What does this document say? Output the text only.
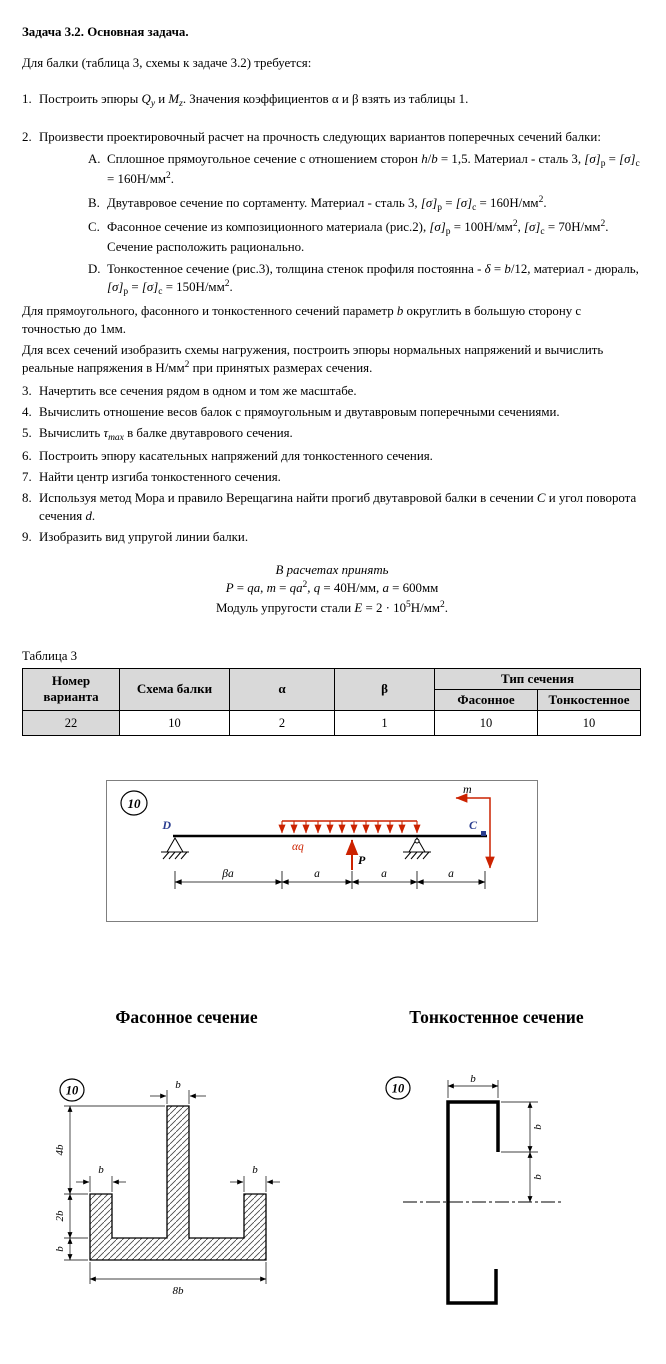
Задача 3.2. Основная задача.

Для балки (таблица 3, схемы к задаче 3.2) требуется:

1. Построить эпюры $Q_y$ и $M_z$. Значения коэффициентов α и β взять из таблицы 1.
2. Произвести проектировочный расчет на прочность следующих вариантов поперечных сечений балки:
A. Сплошное прямоугольное сечение с отношением сторон h/b = 1,5. Материал - сталь 3, $[\sigma]_р = [\sigma]_с = 160Н/мм^2$.
B. Двутавровое сечение по сортаменту. Материал - сталь 3, $[\sigma]_р = [\sigma]_с = 160Н/мм^2$.
C. Фасонное сечение из композиционного материала (рис.2), $[\sigma]_р = 100Н/мм^2$, $[\sigma]_с = 70Н/мм^2$. Сечение расположить рационально.
D. Тонкостенное сечение (рис.3), толщина стенок профиля постоянна - δ = b/12, материал - дюраль, $[\sigma]_р = [\sigma]_с = 150Н/мм^2$.
Для прямоугольного, фасонного и тонкостенного сечений параметр b округлить в большую сторону с точностью до 1мм.
Для всех сечений изобразить схемы нагружения, построить эпюры нормальных напряжений и вычислить реальные напряжения в $Н/мм^2$ при принятых размерах сечения.
3. Начертить все сечения рядом в одном и том же масштабе.
4. Вычислить отношение весов балок с прямоугольным и двутавровым поперечными сечениями.
5. Вычислить $\tau_{max}$ в балке двутаврового сечения.
6. Построить эпюру касательных напряжений для тонкостенного сечения.
7. Найти центр изгиба тонкостенного сечения.
8. Используя метод Мора и правило Верещагина найти прогиб двутавровой балки в сечении C и угол поворота сечения d.
9. Изобразить вид упругой линии балки.
В расчетах принять
P = qa, $m = qa^2$, q = 40Н/мм, a = 600мм
Модуль упругости стали $E = 2 \cdot 10^5Н/мм^2$.
Таблица 3
Номер варианта	Схема балки	α	β	Тип сечения	
				Фасонное	Тонкостенное
22	10	2	1	10	10
10
D
αq
P
m
C
βa	a	a	a
Фасонное сечение	Тонкостенное сечение
10	b
4b
2b
b
b	b
8b
10
b
b
b
